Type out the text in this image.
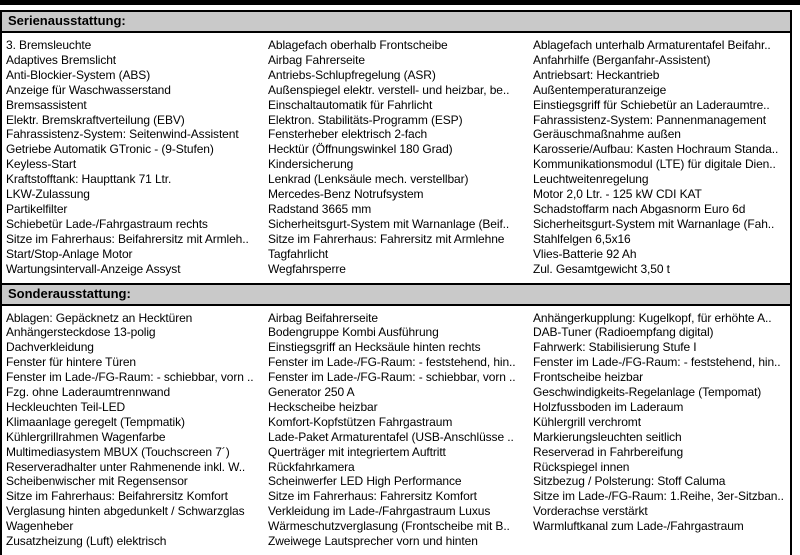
Serienausstattung:
3. Bremsleuchte
Adaptives Bremslicht
Anti-Blockier-System (ABS)
Anzeige für Waschwasserstand
Bremsassistent
Elektr. Bremskraftverteilung (EBV)
Fahrassistenz-System: Seitenwind-Assistent
Getriebe Automatik GTronic - (9-Stufen)
Keyless-Start
Kraftstofftank: Haupttank 71 Ltr.
LKW-Zulassung
Partikelfilter
Schiebetür Lade-/Fahrgastraum rechts
Sitze im Fahrerhaus: Beifahrersitz mit Armleh..
Start/Stop-Anlage Motor
Wartungsintervall-Anzeige Assyst
Ablagefach oberhalb Frontscheibe
Airbag Fahrerseite
Antriebs-Schlupfregelung (ASR)
Außenspiegel elektr. verstell- und heizbar, be..
Einschaltautomatik für Fahrlicht
Elektron. Stabilitäts-Programm (ESP)
Fensterheber elektrisch 2-fach
Hecktür (Öffnungswinkel 180 Grad)
Kindersicherung
Lenkrad (Lenksäule mech. verstellbar)
Mercedes-Benz Notrufsystem
Radstand 3665 mm
Sicherheitsgurt-System mit Warnanlage (Beif..
Sitze im Fahrerhaus: Fahrersitz mit Armlehne
Tagfahrlicht
Wegfahrsperre
Ablagefach unterhalb Armaturentafel Beifahr..
Anfahrhilfe (Berganfahr-Assistent)
Antriebsart: Heckantrieb
Außentemperaturanzeige
Einstiegsgriff für Schiebetür an Laderaumtre..
Fahrassistenz-System: Pannenmanagement
Geräuschmaßnahme außen
Karosserie/Aufbau: Kasten Hochraum Standa..
Kommunikationsmodul (LTE) für digitale Dien..
Leuchtweitenregelung
Motor 2,0 Ltr. - 125 kW CDI KAT
Schadstoffarm nach Abgasnorm Euro 6d
Sicherheitsgurt-System mit Warnanlage (Fah..
Stahlfelgen 6,5x16
Vlies-Batterie 92 Ah
Zul. Gesamtgewicht 3,50 t
Sonderausstattung:
Ablagen: Gepäcknetz an Hecktüren
Anhängersteckdose 13-polig
Dachverkleidung
Fenster für hintere Türen
Fenster im Lade-/FG-Raum: - schiebbar, vorn ..
Fzg. ohne Laderaumtrennwand
Heckleuchten Teil-LED
Klimaanlage geregelt (Tempmatik)
Kühlergrillrahmen Wagenfarbe
Multimediasystem MBUX (Touchscreen 7´)
Reserveradhalter unter Rahmenende inkl. W..
Scheibenwischer mit Regensensor
Sitze im Fahrerhaus: Beifahrersitz Komfort
Verglasung hinten abgedunkelt / Schwarzglas
Wagenheber
Zusatzheizung (Luft) elektrisch
Airbag Beifahrerseite
Bodengruppe Kombi Ausführung
Einstiegsgriff an Hecksäule hinten rechts
Fenster im Lade-/FG-Raum: - feststehend, hin..
Fenster im Lade-/FG-Raum: - schiebbar, vorn ..
Generator 250 A
Heckscheibe heizbar
Komfort-Kopfstützen Fahrgastraum
Lade-Paket Armaturentafel (USB-Anschlüsse ..
Querträger mit integriertem Auftritt
Rückfahrkamera
Scheinwerfer LED High Performance
Sitze im Fahrerhaus: Fahrersitz Komfort
Verkleidung im Lade-/Fahrgastraum Luxus
Wärmeschutzverglasung (Frontscheibe mit B..
Zweiwege Lautsprecher vorn und hinten
Anhängerkupplung: Kugelkopf, für erhöhte A..
DAB-Tuner (Radioempfang digital)
Fahrwerk: Stabilisierung Stufe I
Fenster im Lade-/FG-Raum: - feststehend, hin..
Frontscheibe heizbar
Geschwindigkeits-Regelanlage (Tempomat)
Holzfussboden im Laderaum
Kühlergrill verchromt
Markierungsleuchten seitlich
Reserverad in Fahrbereifung
Rückspiegel innen
Sitzbezug / Polsterung: Stoff Caluma
Sitze im Lade-/FG-Raum: 1.Reihe, 3er-Sitzban..
Vorderachse verstärkt
Warmluftkanal zum Lade-/Fahrgastraum
